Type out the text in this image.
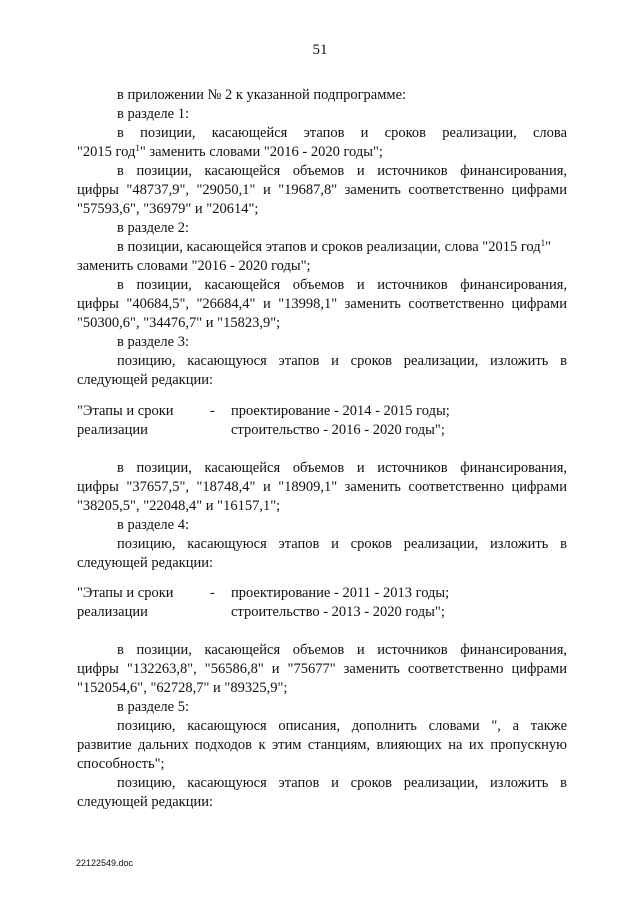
51
в приложении № 2 к указанной подпрограмме:
в разделе 1:
в позиции, касающейся этапов и сроков реализации, слова
"2015 год$^1$" заменить словами "2016 - 2020 годы";
в позиции, касающейся объемов и источников финансирования,
цифры "48737,9", "29050,1" и "19687,8" заменить соответственно цифрами
"57593,6", "36979" и "20614";
в разделе 2:
в позиции, касающейся этапов и сроков реализации, слова "2015 год$^1$"
заменить словами "2016 - 2020 годы";
в позиции, касающейся объемов и источников финансирования,
цифры "40684,5", "26684,4" и "13998,1" заменить соответственно цифрами
"50300,6", "34476,7" и "15823,9";
в разделе 3:
позицию, касающуюся этапов и сроков реализации, изложить в
следующей редакции:
"Этапы и сроки
реализации
- проектирование - 2014 - 2015 годы;
строительство - 2016 - 2020 годы";
в позиции, касающейся объемов и источников финансирования,
цифры "37657,5", "18748,4" и "18909,1" заменить соответственно цифрами
"38205,5", "22048,4" и "16157,1";
в разделе 4:
позицию, касающуюся этапов и сроков реализации, изложить в
следующей редакции:
"Этапы и сроки
реализации
- проектирование - 2011 - 2013 годы;
строительство - 2013 - 2020 годы";
в позиции, касающейся объемов и источников финансирования,
цифры "132263,8", "56586,8" и "75677" заменить соответственно цифрами
"152054,6", "62728,7" и "89325,9";
в разделе 5:
позицию, касающуюся описания, дополнить словами ", а также
развитие дальних подходов к этим станциям, влияющих на их пропускную
способность";
позицию, касающуюся этапов и сроков реализации, изложить в
следующей редакции:
22122549.doc
